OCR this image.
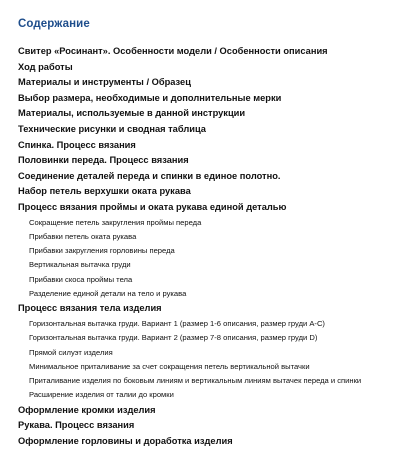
Содержание
Свитер «Росинант». Особенности модели / Особенности описания
Ход работы
Материалы и инструменты / Образец
Выбор размера, необходимые и дополнительные мерки
Материалы, используемые в данной инструкции
Технические рисунки и сводная таблица
Спинка. Процесс вязания
Половинки переда. Процесс вязания
Соединение деталей переда и спинки в единое полотно.
Набор петель верхушки оката рукава
Процесс вязания проймы и оката рукава единой деталью
Сокращение петель закругления проймы переда
Прибавки петель оката рукава
Прибавки закругления горловины переда
Вертикальная вытачка груди
Прибавки скоса проймы тела
Разделение единой детали на тело и рукава
Процесс вязания тела изделия
Горизонтальная вытачка груди. Вариант 1 (размер 1-6 описания, размер груди A-C)
Горизонтальная вытачка груди. Вариант 2 (размер 7-8 описания, размер груди D)
Прямой силуэт изделия
Минимальное приталивание за счет сокращения петель вертикальной вытачки
Приталивание изделия по боковым линиям и вертикальным линиям вытачек переда и спинки
Расширение изделия от талии до кромки
Оформление кромки изделия
Рукава. Процесс вязания
Оформление горловины и доработка изделия
